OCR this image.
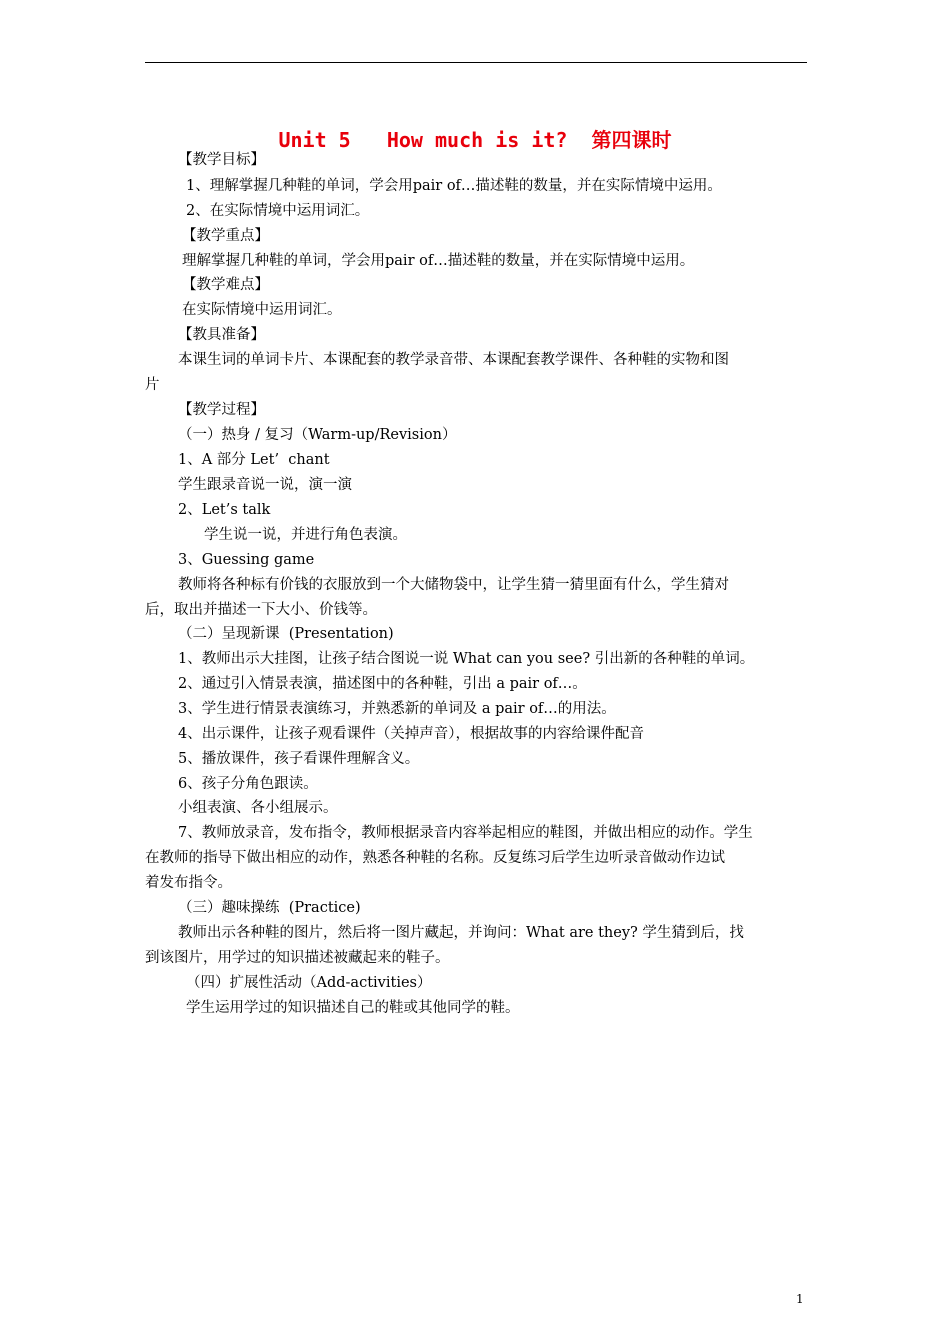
Unit 5   How much is it?  第四课时
【教学目标】
1、理解掌握几种鞋的单词，学会用pair of…描述鞋的数量，并在实际情境中运用。
2、在实际情境中运用词汇。
【教学重点】
理解掌握几种鞋的单词，学会用pair of…描述鞋的数量，并在实际情境中运用。
【教学难点】
在实际情境中运用词汇。
【教具准备】
本课生词的单词卡片、本课配套的教学录音带、本课配套教学课件、各种鞋的实物和图
片
【教学过程】
（一）热身 / 复习（Warm-up/Revision）
1、A 部分 Let’  chant
学生跟录音说一说，演一演
2、Let’s talk
学生说一说，并进行角色表演。
3、Guessing game
教师将各种标有价钱的衣服放到一个大储物袋中，让学生猜一猜里面有什么，学生猜对
后，取出并描述一下大小、价钱等。
（二）呈现新课  (Presentation)
1、教师出示大挂图，让孩子结合图说一说 What can you see? 引出新的各种鞋的单词。
2、通过引入情景表演，描述图中的各种鞋，引出 a pair of…。
3、学生进行情景表演练习，并熟悉新的单词及 a pair of…的用法。
4、出示课件，让孩子观看课件（关掉声音），根据故事的内容给课件配音
5、播放课件，孩子看课件理解含义。
6、孩子分角色跟读。
小组表演、各小组展示。
7、教师放录音，发布指令，教师根据录音内容举起相应的鞋图，并做出相应的动作。学生
在教师的指导下做出相应的动作，熟悉各种鞋的名称。反复练习后学生边听录音做动作边试
着发布指令。
（三）趣味操练  (Practice)
教师出示各种鞋的图片，然后将一图片藏起，并询问：What are they? 学生猜到后，找
到该图片，用学过的知识描述被藏起来的鞋子。
（四）扩展性活动（Add-activities）
学生运用学过的知识描述自己的鞋或其他同学的鞋。
1
